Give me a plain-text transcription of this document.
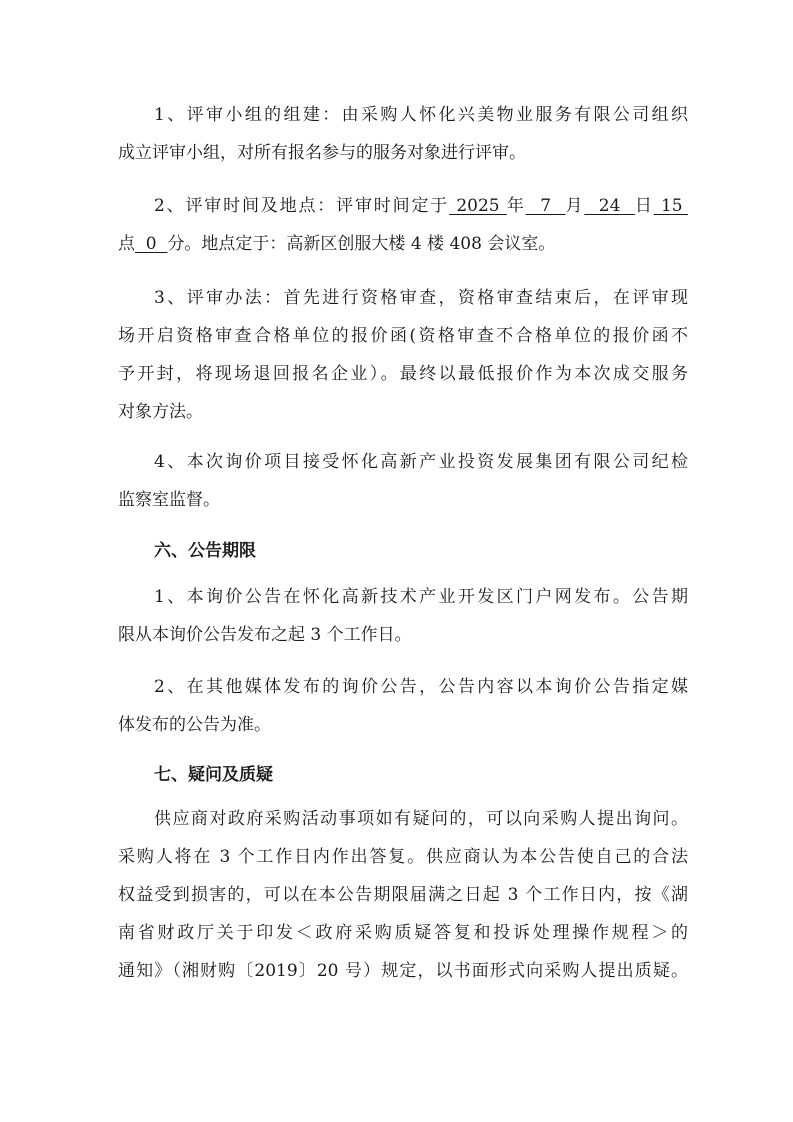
1、评审小组的组建：由采购人怀化兴美物业服务有限公司组织
成立评审小组，对所有报名参与的服务对象进行评审。
2、评审时间及地点：评审时间定于 2025 年  7  月  24  日 15
点  0  分。地点定于：高新区创服大楼 4 楼 408 会议室。
3、评审办法：首先进行资格审查，资格审查结束后，在评审现
场开启资格审查合格单位的报价函(资格审查不合格单位的报价函不
予开封，将现场退回报名企业）。最终以最低报价作为本次成交服务
对象方法。
4、本次询价项目接受怀化高新产业投资发展集团有限公司纪检
监察室监督。
六、公告期限
1、本询价公告在怀化高新技术产业开发区门户网发布。公告期
限从本询价公告发布之起 3 个工作日。
2、在其他媒体发布的询价公告，公告内容以本询价公告指定媒
体发布的公告为准。
七、疑问及质疑
供应商对政府采购活动事项如有疑问的，可以向采购人提出询问。
采购人将在 3 个工作日内作出答复。供应商认为本公告使自己的合法
权益受到损害的，可以在本公告期限届满之日起 3 个工作日内，按《湖
南省财政厅关于印发＜政府采购质疑答复和投诉处理操作规程＞的
通知》（湘财购〔2019〕20 号）规定，以书面形式向采购人提出质疑。
